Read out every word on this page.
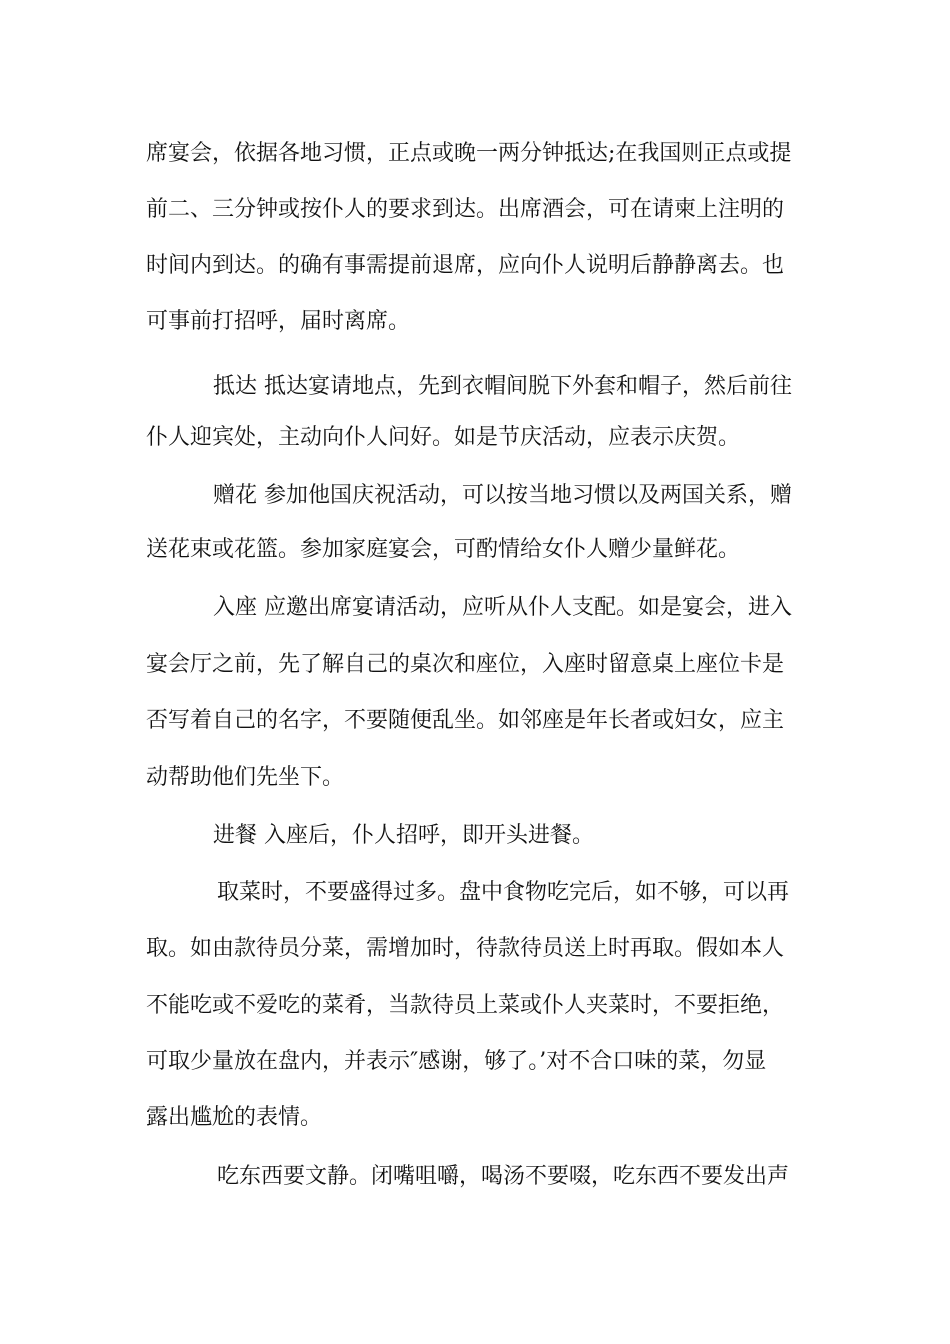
席宴会，依据各地习惯，正点或晚一两分钟抵达;在我国则正点或提
前二、三分钟或按仆人的要求到达。出席酒会，可在请柬上注明的
时间内到达。的确有事需提前退席，应向仆人说明后静静离去。也
可事前打招呼，届时离席。
抵达 抵达宴请地点，先到衣帽间脱下外套和帽子，然后前往
仆人迎宾处，主动向仆人问好。如是节庆活动，应表示庆贺。
赠花 参加他国庆祝活动，可以按当地习惯以及两国关系，赠
送花束或花篮。参加家庭宴会，可酌情给女仆人赠少量鲜花。
入座 应邀出席宴请活动，应听从仆人支配。如是宴会，进入
宴会厅之前，先了解自己的桌次和座位，入座时留意桌上座位卡是
否写着自己的名字，不要随便乱坐。如邻座是年长者或妇女，应主
动帮助他们先坐下。
进餐 入座后，仆人招呼，即开头进餐。
取菜时，不要盛得过多。盘中食物吃完后，如不够，可以再
取。如由款待员分菜，需增加时，待款待员送上时再取。假如本人
不能吃或不爱吃的菜肴，当款待员上菜或仆人夹菜时，不要拒绝，
可取少量放在盘内，并表示″感谢，够了。’对不合口味的菜，勿显
露出尴尬的表情。
吃东西要文静。闭嘴咀嚼，喝汤不要啜，吃东西不要发出声
